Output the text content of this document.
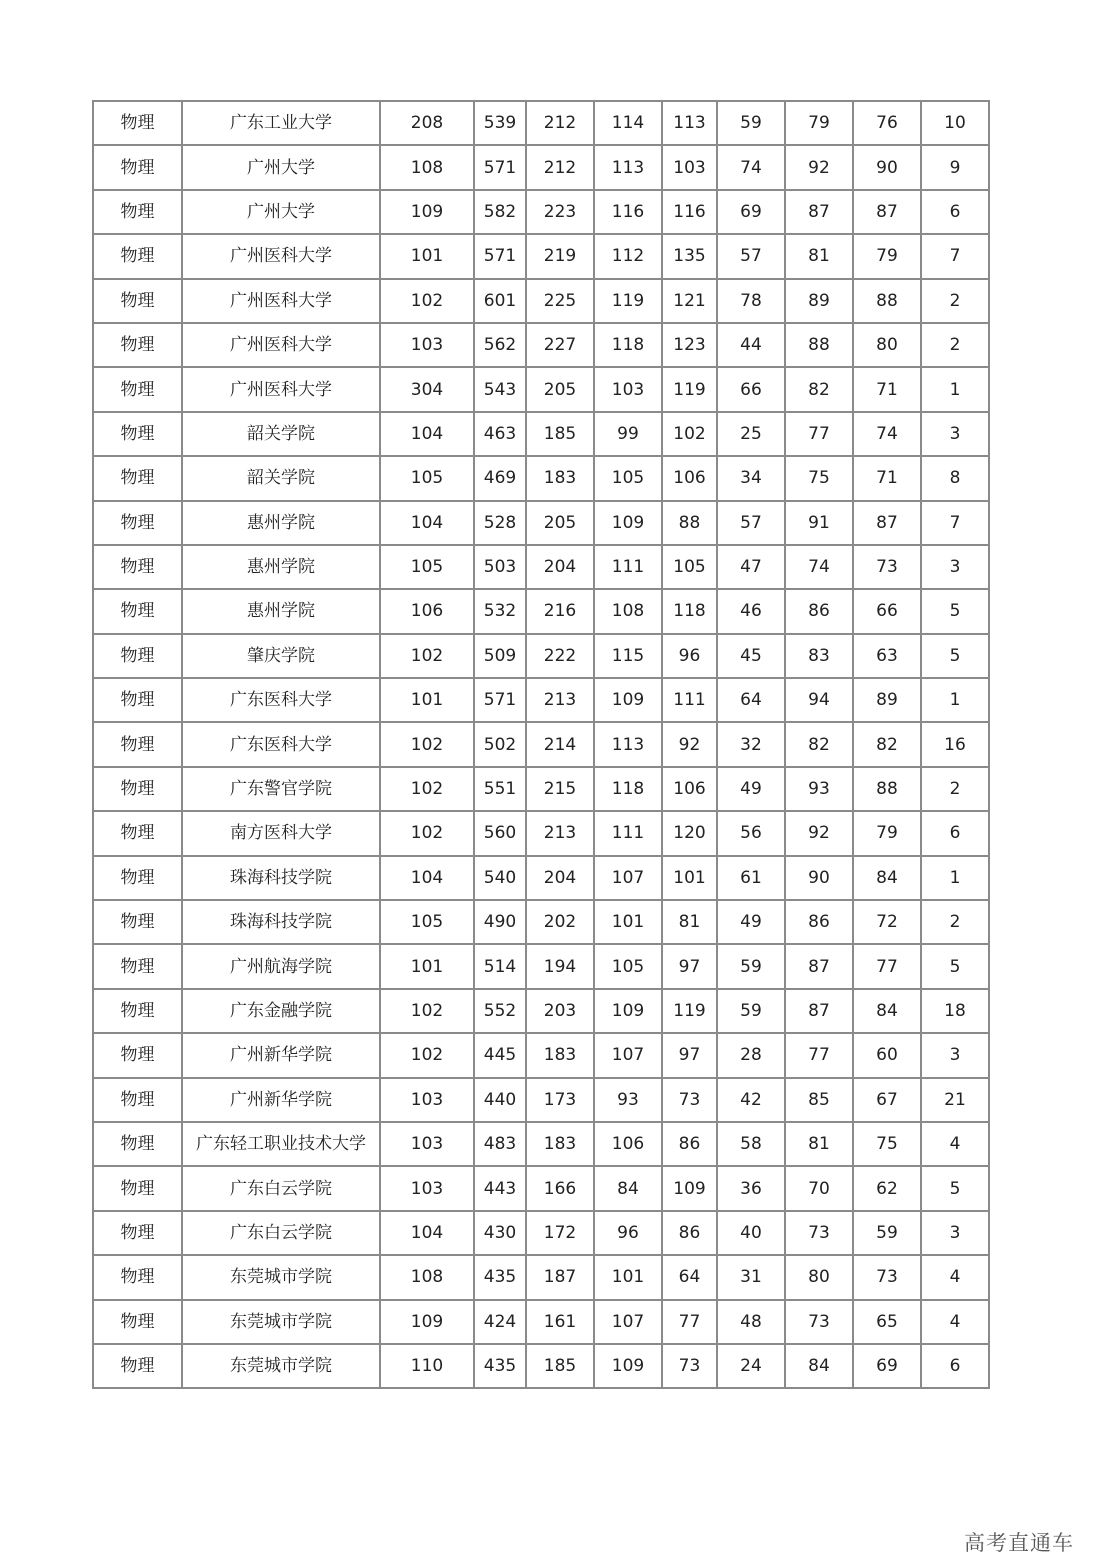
物理	广东工业大学	208	539	212	114	113	59	79	76	10
物理	广州大学	108	571	212	113	103	74	92	90	9
物理	广州大学	109	582	223	116	116	69	87	87	6
物理	广州医科大学	101	571	219	112	135	57	81	79	7
物理	广州医科大学	102	601	225	119	121	78	89	88	2
物理	广州医科大学	103	562	227	118	123	44	88	80	2
物理	广州医科大学	304	543	205	103	119	66	82	71	1
物理	韶关学院	104	463	185	99	102	25	77	74	3
物理	韶关学院	105	469	183	105	106	34	75	71	8
物理	惠州学院	104	528	205	109	88	57	91	87	7
物理	惠州学院	105	503	204	111	105	47	74	73	3
物理	惠州学院	106	532	216	108	118	46	86	66	5
物理	肇庆学院	102	509	222	115	96	45	83	63	5
物理	广东医科大学	101	571	213	109	111	64	94	89	1
物理	广东医科大学	102	502	214	113	92	32	82	82	16
物理	广东警官学院	102	551	215	118	106	49	93	88	2
物理	南方医科大学	102	560	213	111	120	56	92	79	6
物理	珠海科技学院	104	540	204	107	101	61	90	84	1
物理	珠海科技学院	105	490	202	101	81	49	86	72	2
物理	广州航海学院	101	514	194	105	97	59	87	77	5
物理	广东金融学院	102	552	203	109	119	59	87	84	18
物理	广州新华学院	102	445	183	107	97	28	77	60	3
物理	广州新华学院	103	440	173	93	73	42	85	67	21
物理	广东轻工职业技术大学	103	483	183	106	86	58	81	75	4
物理	广东白云学院	103	443	166	84	109	36	70	62	5
物理	广东白云学院	104	430	172	96	86	40	73	59	3
物理	东莞城市学院	108	435	187	101	64	31	80	73	4
物理	东莞城市学院	109	424	161	107	77	48	73	65	4
物理	东莞城市学院	110	435	185	109	73	24	84	69	6
高考直通车
